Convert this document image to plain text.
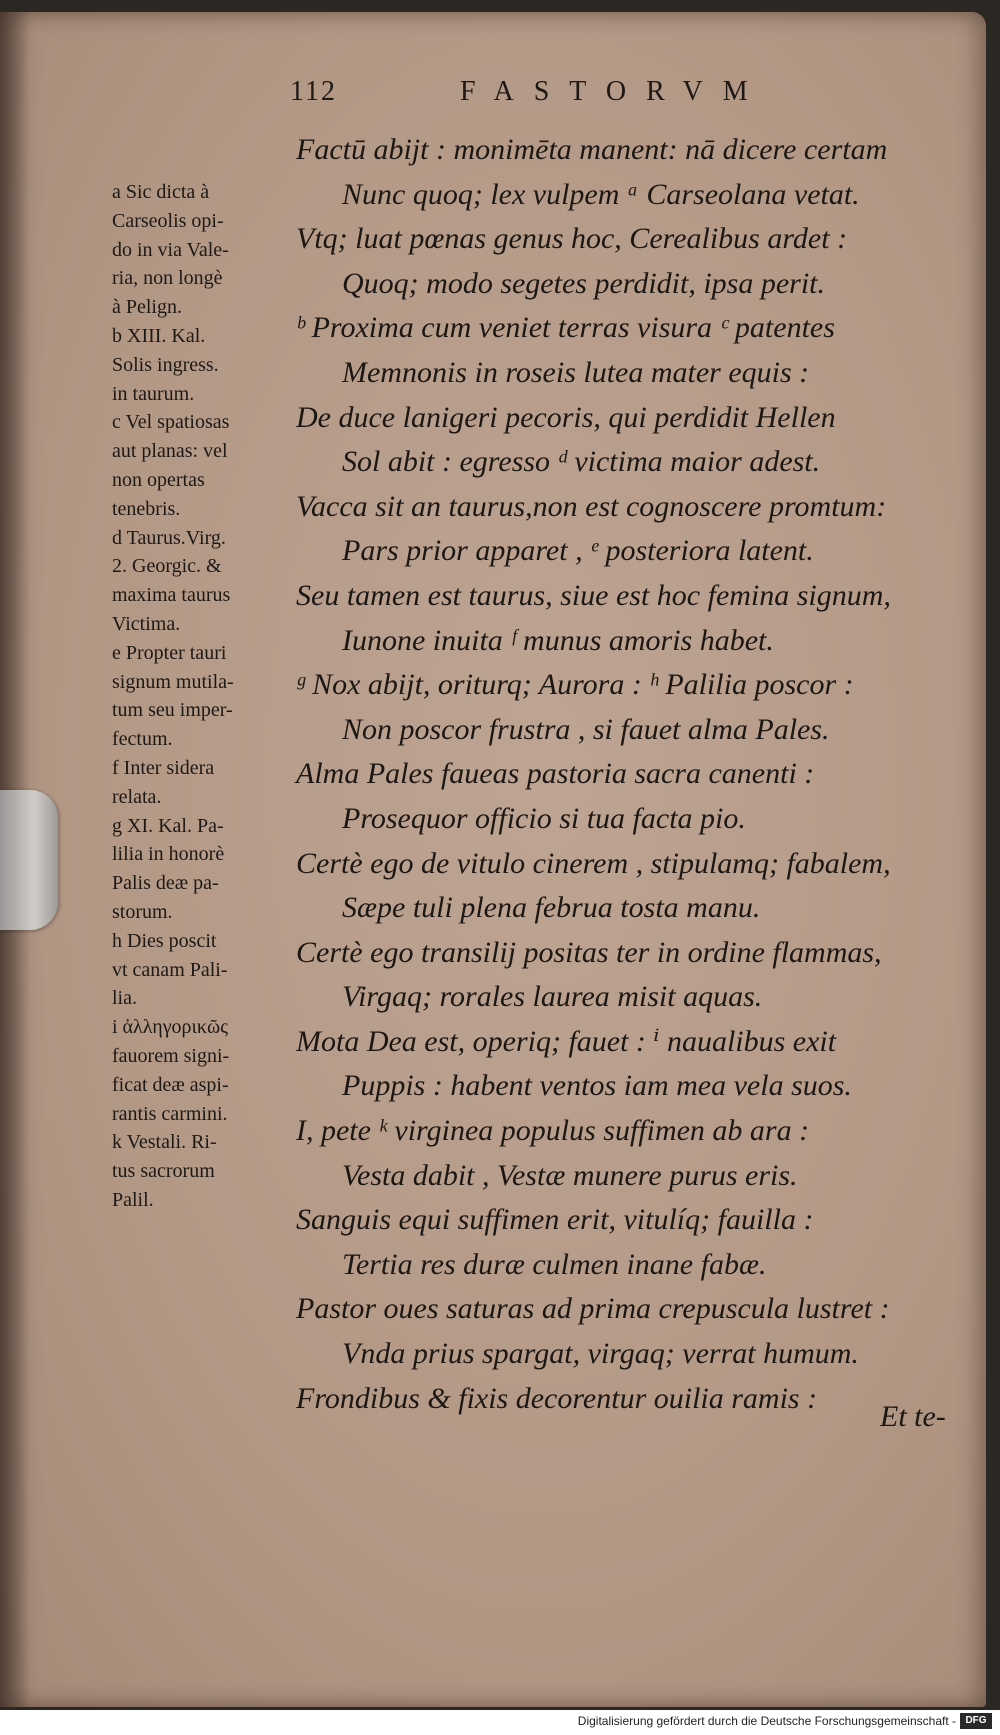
112	FASTORVM

a Sic dicta à
Carseolis opi-
do in via Vale-
ria, non longè
à Pelign.

b XIII. Kal.
Solis ingress.
in taurum.

c Vel spatiosas
aut planas: vel
non opertas
tenebris.

d Taurus.Virg.
2. Georgic. &
maxima taurus
Victima.

e Propter tauri
signum mutila-
tum seu imper-
fectum.

f Inter sidera
relata.

g XI. Kal. Pa-
lilia in honorè
Palis deæ pa-
storum.

h Dies poscit
vt canam Pali-
lia.

i ἀλληγορικῶς
fauorem signi-
ficat deæ aspi-
rantis carmini.

k Vestali. Ri-
tus sacrorum
Palil.

Factū abijt : monimēta manent: nā dicere certam
Nunc quoq; lex vulpem ᵃ Carseolana vetat.
Vtq; luat pœnas genus hoc, Cerealibus ardet :
Quoq; modo segetes perdidit, ipsa perit.
ᵇ Proxima cum veniet terras visura ᶜ patentes
Memnonis in roseis lutea mater equis :
De duce lanigeri pecoris, qui perdidit Hellen
Sol abit : egresso ᵈ victima maior adest.
Vacca sit an taurus,non est cognoscere promtum:
Pars prior apparet , ᵉ posteriora latent.
Seu tamen est taurus, siue est hoc femina signum,
Iunone inuita ᶠ munus amoris habet.
ᵍ Nox abijt, oriturq; Aurora : ʰ Palilia poscor :
Non poscor frustra , si fauet alma Pales.
Alma Pales faueas pastoria sacra canenti :
Prosequor officio si tua facta pio.
Certè ego de vitulo cinerem , stipulamq; fabalem,
Sæpe tuli plena februa tosta manu.
Certè ego transilij positas ter in ordine flammas,
Virgaq; rorales laurea misit aquas.
Mota Dea est, operiq; fauet : ⁱ naualibus exit
Puppis : habent ventos iam mea vela suos.
I, pete ᵏ virginea populus suffimen ab ara :
Vesta dabit , Vestæ munere purus eris.
Sanguis equi suffimen erit, vitulíq; fauilla :
Tertia res duræ culmen inane fabæ.
Pastor oues saturas ad prima crepuscula lustret :
Vnda prius spargat, virgaq; verrat humum.
Frondibus & fixis decorentur ouilia ramis :
Et te-
Digitalisierung gefördert durch die Deutsche Forschungsgemeinschaft - DFG
